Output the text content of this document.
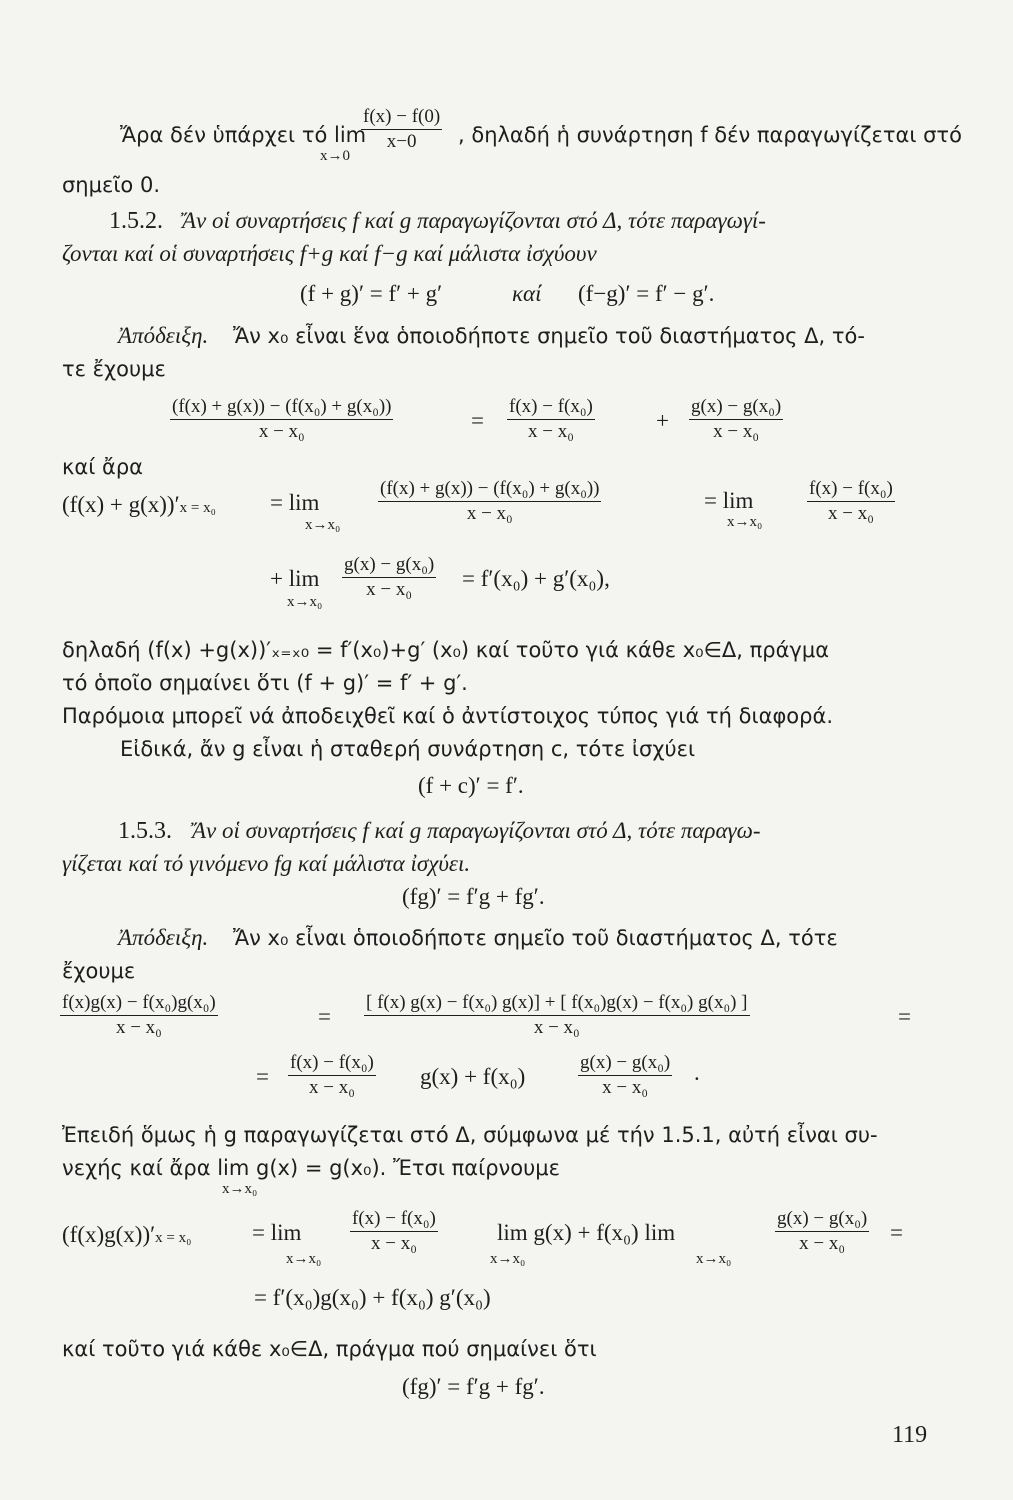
Ἄρα δέν ὑπάρχει τό lim
$\frac{f(x) - f(0)}{x-0}$
x→0
, δηλαδή ἡ συνάρτηση f δέν παραγωγίζεται στό
σημεῖο 0.
1.5.2. Ἄν οἱ συναρτήσεις f καί g παραγωγίζονται στό Δ, τότε παραγωγί-
ζονται καί οἱ συναρτήσεις f+g καί f−g καί μάλιστα ἰσχύουν
(f + g)′ = f′ + g′	καί (f−g)′ = f′ − g′.
Ἀπόδειξη. Ἄν x₀ εἶναι ἕνα ὁποιοδήποτε σημεῖο τοῦ διαστήματος Δ, τό-
τε ἔχουμε
$\frac{\text{(f(x) + g(x)) − (f(x₀) + g(x₀))}}{\text{x − x₀}}$	= $\frac{\text{f(x) − f(x₀)}}{\text{x − x₀}}$	+ $\frac{\text{g(x) − g(x₀)}}{\text{x − x₀}}$
καί ἄρα
(f(x) + g(x))′x = x₀ = lim
$x\to x_0 \frac{\text{(f(x) + g(x)) − (f(x₀) + g(x₀))}}{\text{x − x₀}}$	= lim
$x\to x_0 \frac{\text{f(x) − f(x₀)}}{\text{x − x₀}}$
+ lim
x→x₀
$\frac{\text{g(x) − g(x₀)}}{\text{x − x₀}} = f'(x_0) + g'(x_0)$,
δηλαδή (f(x) +g(x))′ₓ₌ₓ₀ = f′(x₀)+g′ (x₀) καί τοῦτο γιά κάθε x₀∈Δ, πράγμα
τό ὁποῖο σημαίνει ὅτι (f + g)′ = f′ + g′.
Παρόμοια μπορεῖ νά ἀποδειχθεῖ καί ὁ ἀντίστοιχος τύπος γιά τή διαφορά.
Εἰδικά, ἄν g εἶναι ἡ σταθερή συνάρτηση c, τότε ἰσχύει
(f + c)′ = f′.
1.5.3. Ἄν οἱ συναρτήσεις f καί g παραγωγίζονται στό Δ, τότε παραγω-
γίζεται καί τό γινόμενο fg καί μάλιστα ἰσχύει.
(fg)′ = f′g + fg′.
Ἀπόδειξη. Ἄν x₀ εἶναι ὁποιοδήποτε σημεῖο τοῦ διαστήματος Δ, τότε
ἔχουμε
$\frac{\text{f(x)g(x) − f(x₀)g(x₀)}}{\text{x − x₀}}$	= $\frac{\text{[ f(x) g(x) − f(x₀) g(x)] + [ f(x₀)g(x) − f(x₀) g(x₀) ]}}{\text{x − x₀}}$	=
= $\frac{\text{f(x) − f(x₀)}}{\text{x − x₀}} g(x) + f(x_0)$	$\frac{\text{g(x) − g(x₀)}}{\text{x − x₀}}$ .
Ἐπειδή ὅμως ἡ g παραγωγίζεται στό Δ, σύμφωνα μέ τήν 1.5.1, αὐτή εἶναι συ-
νεχής καί ἄρα lim g(x) = g(x₀). Ἔτσι παίρνουμε
x→x₀
(f(x)g(x))′x = x₀	= lim
x→x₀
$\frac{\text{f(x) − f(x₀)}}{\text{x − x₀}}$	lim g(x) + f(x₀) lim
x→x₀	x→x₀
$\frac{\text{g(x) − g(x₀)}}{\text{x − x₀}}$ =
= f′(x₀)g(x₀) + f(x₀) g′(x₀)
καί τοῦτο γιά κάθε x₀∈Δ, πράγμα πού σημαίνει ὅτι
(fg)′ = f′g + fg′.
119
